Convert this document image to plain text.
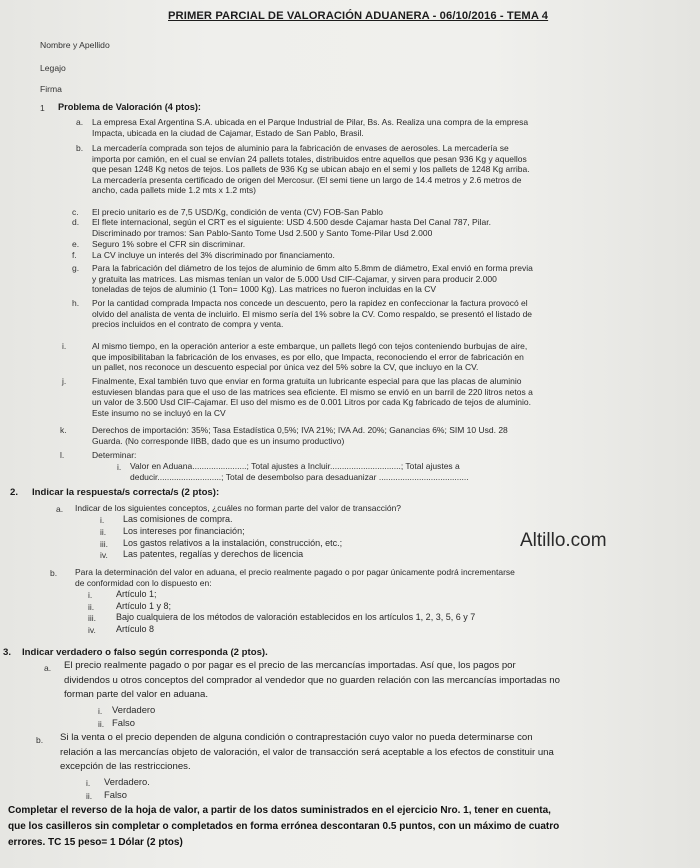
PRIMER PARCIAL DE VALORACIÓN ADUANERA - 06/10/2016 - TEMA 4
Nombre y Apellido
Legajo
Firma
1 Problema de Valoración (4 ptos):
a. La empresa Exal Argentina S.A. ubicada en el Parque Industrial de Pilar, Bs. As. Realiza una compra de la empresa
Impacta, ubicada en la ciudad de Cajamar, Estado de San Pablo, Brasil.
b. La mercadería comprada son tejos de aluminio para la fabricación de envases de aerosoles. La mercadería se
importa por camión, en el cual se envían 24 pallets totales, distribuidos entre aquellos que pesan 936 Kg y aquellos
que pesan 1248 Kg netos de tejos. Los pallets de 936 Kg se ubican abajo en el semi y los pallets de 1248 Kg arriba.
La mercadería presenta certificado de origen del Mercosur. (El semi tiene un largo de 14.4 metros y 2.6 metros de
ancho, cada pallets mide 1.2 mts x 1.2 mts)
c. El precio unitario es de 7,5 USD/Kg, condición de venta (CV) FOB-San Pablo
d. El flete internacional, según el CRT es el siguiente: USD 4.500 desde Cajamar hasta Del Canal 787, Pilar.
Discriminado por tramos: San Pablo-Santo Tome Usd 2.500 y Santo Tome-Pilar Usd 2.000
e. Seguro 1% sobre el CFR sin discriminar.
f. La CV incluye un interés del 3% discriminado por financiamento.
g. Para la fabricación del diámetro de los tejos de aluminio de 6mm alto 5.8mm de diámetro, Exal envió en forma previa
y gratuita las matrices. Las mismas tenían un valor de 5.000 Usd CIF-Cajamar, y sirven para producir 2.000
toneladas de tejos de aluminio (1 Ton= 1000 Kg). Las matrices no fueron incluidas en la CV
h. Por la cantidad comprada Impacta nos concede un descuento, pero la rapidez en confeccionar la factura provocó el
olvido del analista de venta de incluirlo. El mismo sería del 1% sobre la CV. Como respaldo, se presentó el listado de
precios incluidos en el contrato de compra y venta.
i.	Al mismo tiempo, en la operación anterior a este embarque, un pallets llegó con tejos conteniendo burbujas de aire,
que imposibilitaban la fabricación de los envases, es por ello, que Impacta, reconociendo el error de fabricación en
un pallet, nos reconoce un descuento especial por única vez del 5% sobre la CV, que incluyo en la CV.
j.	Finalmente, Exal también tuvo que enviar en forma gratuita un lubricante especial para que las placas de aluminio
estuviesen blandas para que el uso de las matrices sea eficiente. El mismo se envió en un barril de 220 litros netos a
un valor de 3.500 Usd CIF-Cajamar. El uso del mismo es de 0.001 Litros por cada Kg fabricado de tejos de aluminio.
Este insumo no se incluyó en la CV
k.	Derechos de importación: 35%; Tasa Estadística 0,5%; IVA 21%; IVA Ad. 20%; Ganancias 6%; SIM 10 Usd. 28
Guarda. (No corresponde IIBB, dado que es un insumo productivo)
l.	Determinar:
i. Valor en Aduana.......................; Total ajustes a Incluir..............................; Total ajustes a
deducir...........................; Total de desembolso para desaduanizar ......................................
2. Indicar la respuesta/s correcta/s (2 ptos):
a. Indicar de los siguientes conceptos, ¿cuáles no forman parte del valor de transacción?
i. Las comisiones de compra.
ii. Los intereses por financiación;
iii. Los gastos relativos a la instalación, construcción, etc.;
iv. Las patentes, regalías y derechos de licencia
b. Para la determinación del valor en aduana, el precio realmente pagado o por pagar únicamente podrá incrementarse
de conformidad con lo dispuesto en:
i.	Artículo 1;
ii. Artículo 1 y 8;
iii. Bajo cualquiera de los métodos de valoración establecidos en los artículos 1, 2, 3, 5, 6 y 7
iv. Artículo 8
3. Indicar verdadero o falso según corresponda (2 ptos).
a. El precio realmente pagado o por pagar es el precio de las mercancías importadas. Así que, los pagos por
dividendos u otros conceptos del comprador al vendedor que no guarden relación con las mercancías importadas no
forman parte del valor en aduana.
i. Verdadero
ii. Falso
b. Si la venta o el precio dependen de alguna condición o contraprestación cuyo valor no pueda determinarse con
relación a las mercancías objeto de valoración, el valor de transacción será aceptable a los efectos de constituir una
excepción de las restricciones.
i. Verdadero.
ii. Falso
Completar el reverso de la hoja de valor, a partir de los datos suministrados en el ejercicio Nro. 1, tener en cuenta,
que los casilleros sin completar o completados en forma errónea descontaran 0.5 puntos, con un máximo de cuatro
errores. TC 15 peso= 1 Dólar (2 ptos)
Altillo.com
